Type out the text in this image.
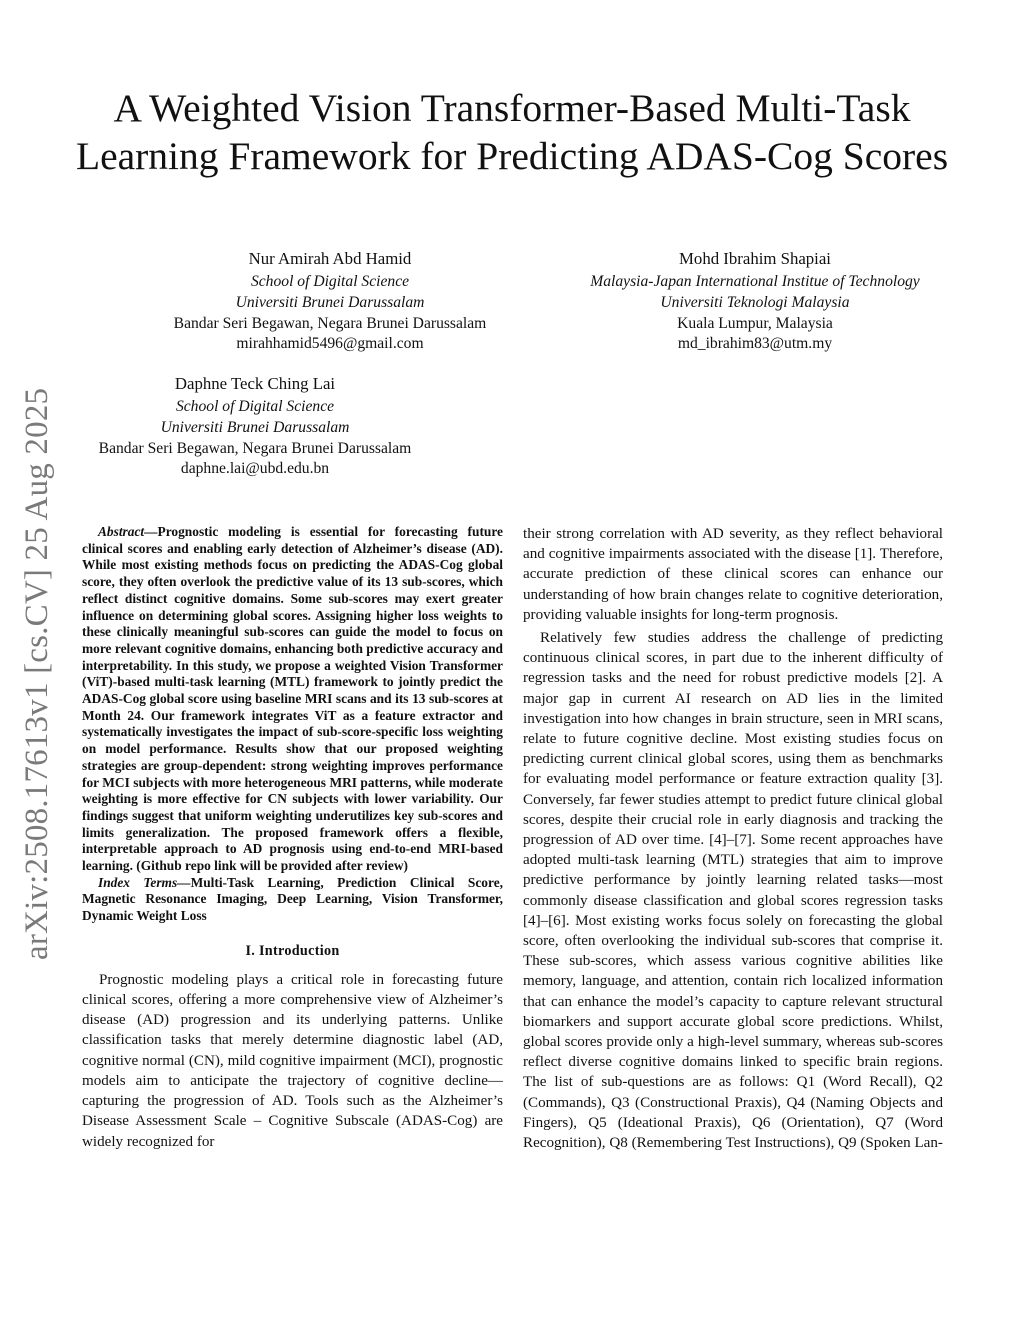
arXiv:2508.17613v1 [cs.CV] 25 Aug 2025
A Weighted Vision Transformer-Based Multi-Task Learning Framework for Predicting ADAS-Cog Scores
Nur Amirah Abd Hamid
School of Digital Science
Universiti Brunei Darussalam
Bandar Seri Begawan, Negara Brunei Darussalam
mirahhamid5496@gmail.com
Mohd Ibrahim Shapiai
Malaysia-Japan International Institue of Technology
Universiti Teknologi Malaysia
Kuala Lumpur, Malaysia
md_ibrahim83@utm.my
Daphne Teck Ching Lai
School of Digital Science
Universiti Brunei Darussalam
Bandar Seri Begawan, Negara Brunei Darussalam
daphne.lai@ubd.edu.bn

Abstract—Prognostic modeling is essential for forecasting future clinical scores and enabling early detection of Alzheimer’s disease (AD). While most existing methods focus on predicting the ADAS-Cog global score, they often overlook the predictive value of its 13 sub-scores, which reflect distinct cognitive domains. Some sub-scores may exert greater influence on determining global scores. Assigning higher loss weights to these clinically meaningful sub-scores can guide the model to focus on more relevant cognitive domains, enhancing both predictive accuracy and interpretability. In this study, we propose a weighted Vision Transformer (ViT)-based multi-task learning (MTL) framework to jointly predict the ADAS-Cog global score using baseline MRI scans and its 13 sub-scores at Month 24. Our framework integrates ViT as a feature extractor and systematically investigates the impact of sub-score-specific loss weighting on model performance. Results show that our proposed weighting strategies are group-dependent: strong weighting improves performance for MCI subjects with more heterogeneous MRI patterns, while moderate weighting is more effective for CN subjects with lower variability. Our findings suggest that uniform weighting underutilizes key sub-scores and limits generalization. The proposed framework offers a flexible, interpretable approach to AD prognosis using end-to-end MRI-based learning. (Github repo link will be provided after review)

Index Terms—Multi-Task Learning, Prediction Clinical Score, Magnetic Resonance Imaging, Deep Learning, Vision Transformer, Dynamic Weight Loss

I. Introduction

Prognostic modeling plays a critical role in forecasting future clinical scores, offering a more comprehensive view of Alzheimer’s disease (AD) progression and its underlying patterns. Unlike classification tasks that merely determine diagnostic label (AD, cognitive normal (CN), mild cognitive impairment (MCI), prognostic models aim to anticipate the trajectory of cognitive decline—capturing the progression of AD. Tools such as the Alzheimer’s Disease Assessment Scale – Cognitive Subscale (ADAS-Cog) are widely recognized for

their strong correlation with AD severity, as they reflect behavioral and cognitive impairments associated with the disease [1]. Therefore, accurate prediction of these clinical scores can enhance our understanding of how brain changes relate to cognitive deterioration, providing valuable insights for long-term prognosis.

Relatively few studies address the challenge of predicting continuous clinical scores, in part due to the inherent difficulty of regression tasks and the need for robust predictive models [2]. A major gap in current AI research on AD lies in the limited investigation into how changes in brain structure, seen in MRI scans, relate to future cognitive decline. Most existing studies focus on predicting current clinical global scores, using them as benchmarks for evaluating model performance or feature extraction quality [3]. Conversely, far fewer studies attempt to predict future clinical global scores, despite their crucial role in early diagnosis and tracking the progression of AD over time. [4]–[7]. Some recent approaches have adopted multi-task learning (MTL) strategies that aim to improve predictive performance by jointly learning related tasks—most commonly disease classification and global scores regression tasks [4]–[6]. Most existing works focus solely on forecasting the global score, often overlooking the individual sub-scores that comprise it. These sub-scores, which assess various cognitive abilities like memory, language, and attention, contain rich localized information that can enhance the model’s capacity to capture relevant structural biomarkers and support accurate global score predictions. Whilst, global scores provide only a high-level summary, whereas sub-scores reflect diverse cognitive domains linked to specific brain regions. The list of sub-questions are as follows: Q1 (Word Recall), Q2 (Commands), Q3 (Constructional Praxis), Q4 (Naming Objects and Fingers), Q5 (Ideational Praxis), Q6 (Orientation), Q7 (Word Recognition), Q8 (Remembering Test Instructions), Q9 (Spoken Lan-
